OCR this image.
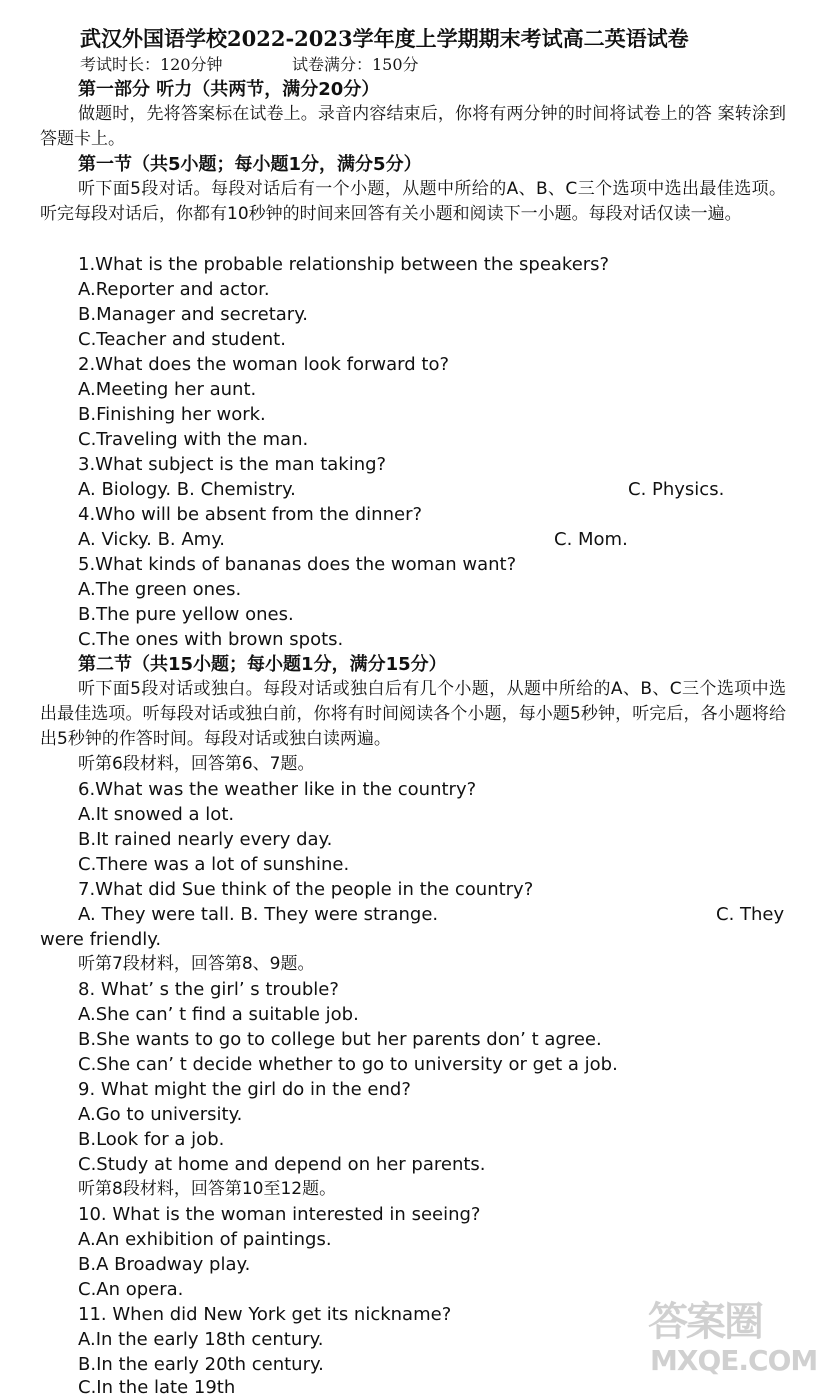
武汉外国语学校2022-2023学年度上学期期末考试高二英语试卷
考试时长：120分钟	试卷满分：150分
第一部分 听力（共两节，满分20分）
做题时，先将答案标在试卷上。录音内容结束后，你将有两分钟的时间将试卷上的答 案转涂到答题卡上。
第一节（共5小题；每小题1分，满分5分）
听下面5段对话。每段对话后有一个小题，从题中所给的A、B、C三个选项中选出最佳选项。听完每段对话后，你都有10秒钟的时间来回答有关小题和阅读下一小题。每段对话仅读一遍。
1.What is the probable relationship between the speakers?
A.Reporter and actor.
B.Manager and secretary.
C.Teacher and student.
2.What does the woman look forward to?
A.Meeting her aunt.
B.Finishing her work.
C.Traveling with the man.
3.What subject is the man taking?
A. Biology. B. Chemistry.	C. Physics.
4.Who will be absent from the dinner?
A. Vicky. B. Amy.	C. Mom.
5.What kinds of bananas does the woman want?
A.The green ones.
B.The pure yellow ones.
C.The ones with brown spots.
第二节（共15小题；每小题1分，满分15分）
听下面5段对话或独白。每段对话或独白后有几个小题，从题中所给的A、B、C三个选项中选出最佳选项。听每段对话或独白前，你将有时间阅读各个小题，每小题5秒钟，听完后，各小题将给出5秒钟的作答时间。每段对话或独白读两遍。
听第6段材料，回答第6、7题。
6.What was the weather like in the country?
A.It snowed a lot.
B.It rained nearly every day.
C.There was a lot of sunshine.
7.What did Sue think of the people in the country?
A. They were tall. B. They were strange.	C. They
were friendly.
听第7段材料，回答第8、9题。
8. What’ s the girl’ s trouble?
A.She can’ t find a suitable job.
B.She wants to go to college but her parents don’ t agree.
C.She can’ t decide whether to go to university or get a job.
9. What might the girl do in the end?
A.Go to university.
B.Look for a job.
C.Study at home and depend on her parents.
听第8段材料，回答第10至12题。
10. What is the woman interested in seeing?
A.An exhibition of paintings.
B.A Broadway play.
C.An opera.
11. When did New York get its nickname?
A.In the early 18th century.
B.In the early 20th century.
C.In the late 19th
答案圈
MXQE.COM
